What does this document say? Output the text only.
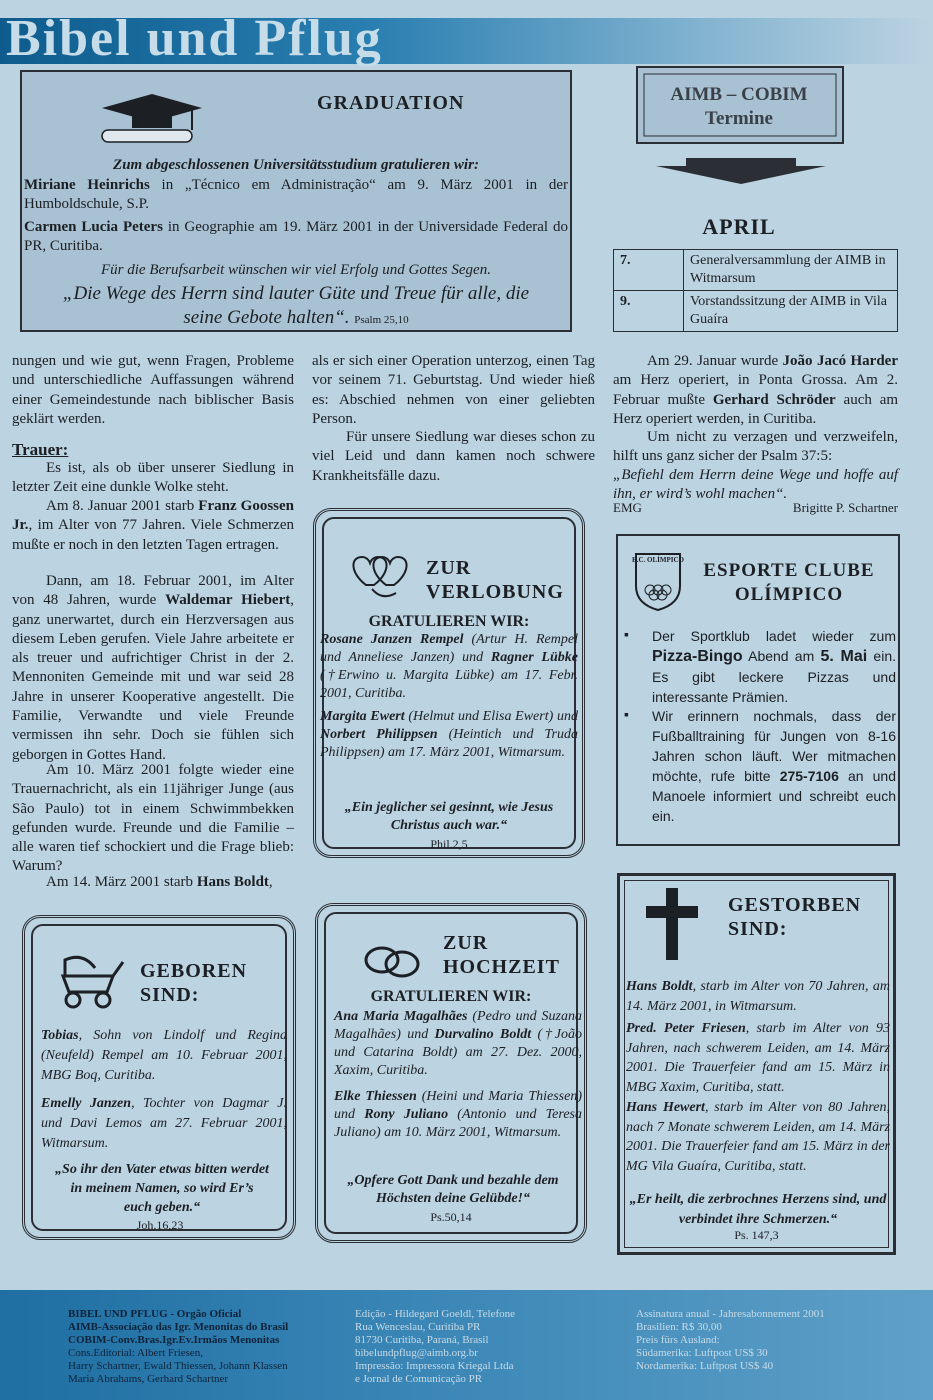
Bibel und Pflug
GRADUATION
Zum abgeschlossenen Universitätsstudium gratulieren wir:
Miriane Heinrichs in „Técnico em Administração“ am 9. März 2001 in der Humboldschule, S.P.
Carmen Lucia Peters in Geographie am 19. März 2001 in der Universidade Federal do PR, Curitiba.
Für die Berufsarbeit wünschen wir viel Erfolg und Gottes Segen.
„Die Wege des Herrn sind lauter Güte und Treue für alle, die seine Gebote halten“. Psalm 25,10
AIMB – COBIM
Termine
APRIL
7.	Generalversammlung der AIMB in Witmarsum
9.	Vorstandssitzung der AIMB in Vila Guaíra
nungen und wie gut, wenn Fragen, Probleme und unterschiedliche Auffassungen während einer Gemeindestunde nach biblischer Basis geklärt werden.
Trauer:
Es ist, als ob über unserer Siedlung in letzter Zeit eine dunkle Wolke steht.
Am 8. Januar 2001 starb Franz Goossen Jr., im Alter von 77 Jahren. Viele Schmerzen mußte er noch in den letzten Tagen ertragen.
Dann, am 18. Februar 2001, im Alter von 48 Jahren, wurde Waldemar Hiebert, ganz unerwartet, durch ein Herzversagen aus diesem Leben gerufen. Viele Jahre arbeitete er als treuer und aufrichtiger Christ in der 2. Mennoniten Gemeinde mit und war seid 28 Jahre in unserer Kooperative angestellt. Die Familie, Verwandte und viele Freunde vermissen ihn sehr. Doch sie fühlen sich geborgen in Gottes Hand.
Am 10. März 2001 folgte wieder eine Trauernachricht, als ein 11jähriger Junge (aus São Paulo) tot in einem Schwimmbekken gefunden wurde. Freunde und die Familie – alle waren tief schockiert und die Frage blieb: Warum?
Am 14. März 2001 starb Hans Boldt,
als er sich einer Operation unterzog, einen Tag vor seinem 71. Geburtstag. Und wieder hieß es: Abschied nehmen von einer geliebten Person.
Für unsere Siedlung war dieses schon zu viel Leid und dann kamen noch schwere Krankheitsfälle dazu.
Am 29. Januar wurde João Jacó Harder am Herz operiert, in Ponta Grossa. Am 2. Februar mußte Gerhard Schröder auch am Herz operiert werden, in Curitiba.
Um nicht zu verzagen und verzweifeln, hilft uns ganz sicher der Psalm 37:5:
„Befiehl dem Herrn deine Wege und hoffe auf ihn, er wird’s wohl machen“.
EMG	Brigitte P. Schartner
ZUR
VERLOBUNG
GRATULIEREN WIR:
Rosane Janzen Rempel (Artur H. Rempel und Anneliese Janzen) und Ragner Lübke (†Erwino u. Margita Lübke) am 17. Febr. 2001, Curitiba.
Margita Ewert (Helmut und Elisa Ewert) und Norbert Philippsen (Heintich und Truda Philippsen) am 17. März 2001, Witmarsum.
„Ein jeglicher sei gesinnt, wie Jesus Christus auch war.“
Phil.2,5
ZUR
HOCHZEIT
GRATULIEREN WIR:
Ana Maria Magalhães (Pedro und Suzana Magalhães) und Durvalino Boldt (†João und Catarina Boldt) am 27. Dez. 2000, Xaxim, Curitiba.
Elke Thiessen (Heini und Maria Thiessen) und Rony Juliano (Antonio und Teresa Juliano) am 10. März 2001, Witmarsum.
„Opfere Gott Dank und bezahle dem Höchsten deine Gelübde!“
Ps.50,14
GEBOREN
SIND:
Tobias, Sohn von Lindolf und Regina (Neufeld) Rempel am 10. Februar 2001, MBG Boq, Curitiba.
Emelly Janzen, Tochter von Dagmar J. und Davi Lemos am 27. Februar 2001, Witmarsum.
„So ihr den Vater etwas bitten werdet in meinem Namen, so wird Er’s euch geben.“
Joh.16,23
E.C. OLÍMPICO	ESPORTE CLUBE
OLÍMPICO
▪ Der Sportklub ladet wieder zum Pizza-Bingo Abend am 5. Mai ein. Es gibt leckere Pizzas und interessante Prämien.
▪ Wir erinnern nochmals, dass der Fußballtraining für Jungen von 8-16 Jahren schon läuft. Wer mitmachen möchte, rufe bitte 275-7106 an und Manoele informiert und schreibt euch ein.
GESTORBEN
SIND:
Hans Boldt, starb im Alter von 70 Jahren, am 14. März 2001, in Witmarsum.
Pred. Peter Friesen, starb im Alter von 93 Jahren, nach schwerem Leiden, am 14. März 2001. Die Trauerfeier fand am 15. März in MBG Xaxim, Curitiba, statt.
Hans Hewert, starb im Alter von 80 Jahren, nach 7 Monate schwerem Leiden, am 14. März 2001. Die Trauerfeier fand am 15. März in der MG Vila Guaíra, Curitiba, statt.
„Er heilt, die zerbrochnes Herzens sind, und verbindet ihre Schmerzen.“
Ps. 147,3
BIBEL UND PFLUG - Orgão Oficial
AIMB-Associação das Igr. Menonitas do Brasil
COBIM-Conv.Bras.Igr.Ev.Irmãos Menonitas
Cons.Editorial: Albert Friesen,
Harry Schartner, Ewald Thiessen, Johann Klassen
Maria Abrahams, Gerhard Schartner
Edição - Hildegard Goeldl, Telefone
Rua Wenceslau, Curitiba PR
81730 Curitiba, Paraná, Brasil
bibelundpflug@aimb.org.br
Impressão: Impressora Kriegal Ltda
e Jornal de Comunicação PR
Assinatura anual - Jahresabonnement 2001
Brasilien: R$ 30,00
Preis fürs Ausland:
Südamerika: Luftpost US$ 30
Nordamerika: Luftpost US$ 40
